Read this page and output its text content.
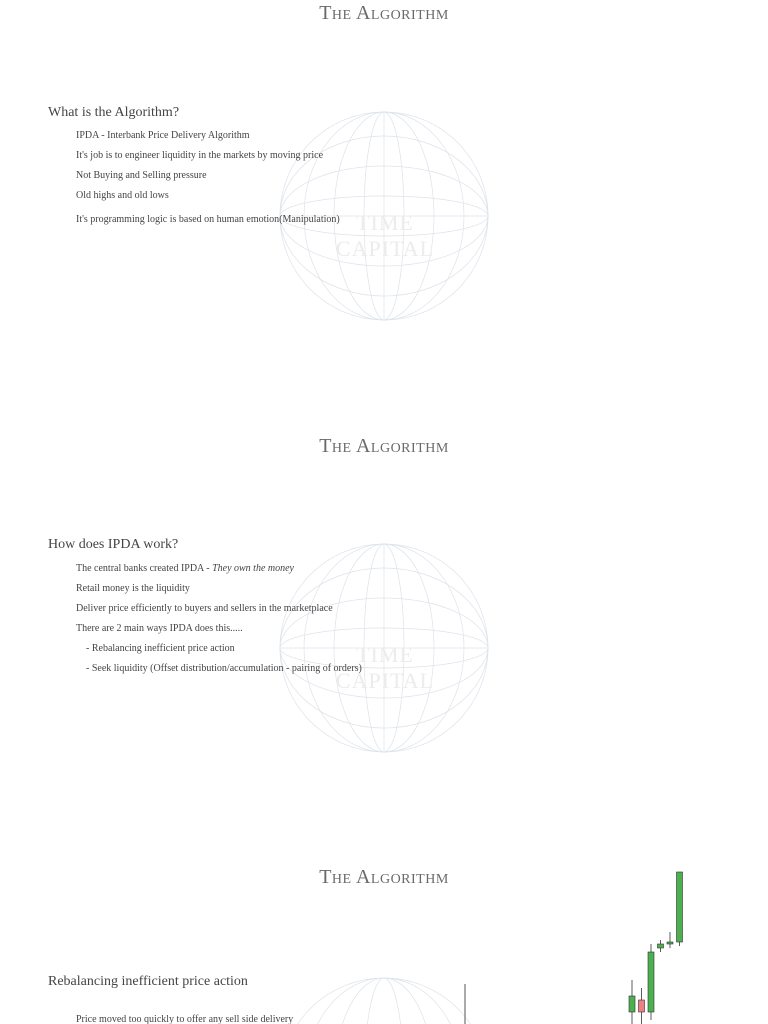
The Algorithm
TIME CAPITAL
What is the Algorithm?
IPDA - Interbank Price Delivery Algorithm
It's job is to engineer liquidity in the markets by moving price
Not Buying and Selling pressure
Old highs and old lows
It's programming logic is based on human emotion(Manipulation)
The Algorithm
TIME CAPITAL
How does IPDA work?
The central banks created IPDA - They own the money
Retail money is the liquidity
Deliver price efficiently to buyers and sellers in the marketplace
There are 2 main ways IPDA does this.....
- Rebalancing inefficient price action
- Seek liquidity (Offset distribution/accumulation - pairing of orders)
The Algorithm
Rebalancing inefficient price action
Price moved too quickly to offer any sell side delivery
